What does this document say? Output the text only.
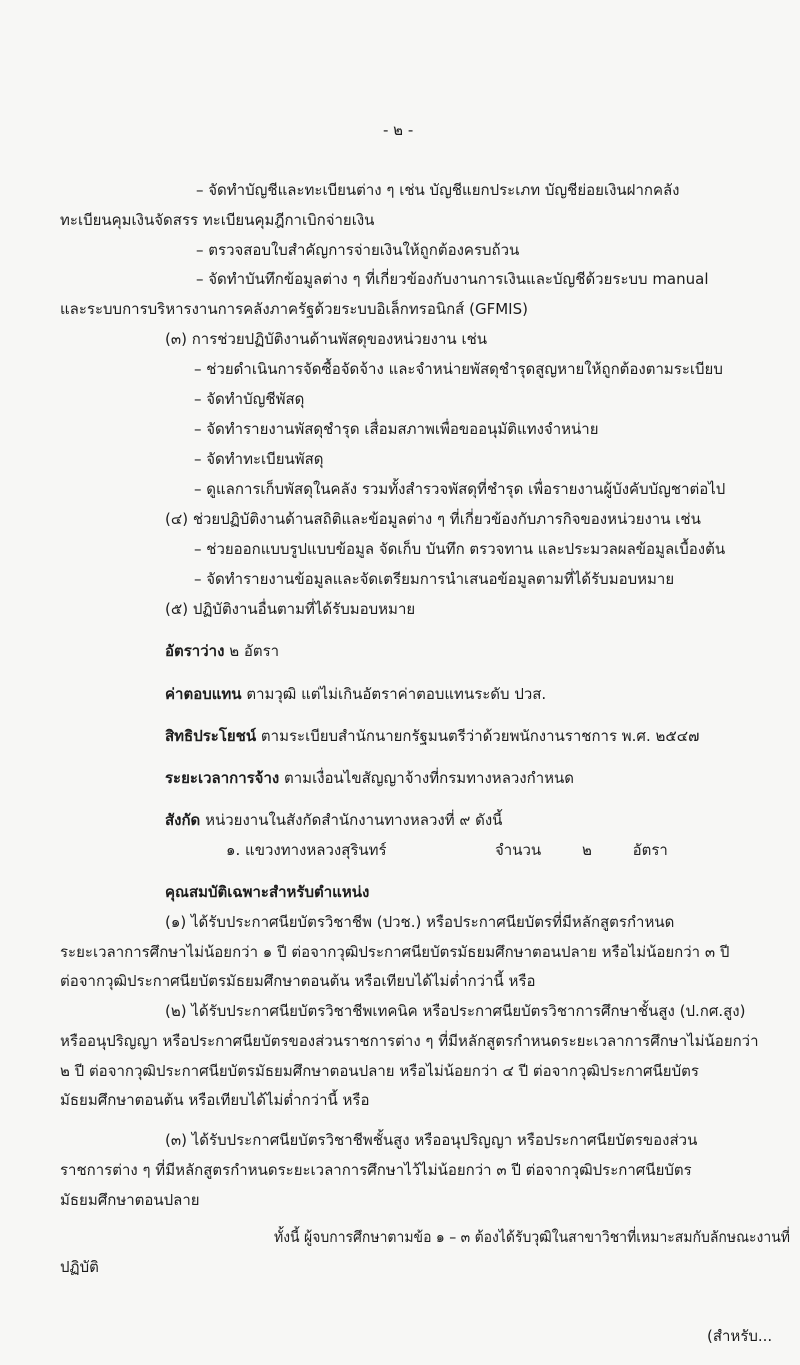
- ๒ -
– จัดทำบัญชีและทะเบียนต่าง ๆ เช่น บัญชีแยกประเภท บัญชีย่อยเงินฝากคลัง
ทะเบียนคุมเงินจัดสรร ทะเบียนคุมฎีกาเบิกจ่ายเงิน
– ตรวจสอบใบสำคัญการจ่ายเงินให้ถูกต้องครบถ้วน
– จัดทำบันทึกข้อมูลต่าง ๆ ที่เกี่ยวข้องกับงานการเงินและบัญชีด้วยระบบ manual
และระบบการบริหารงานการคลังภาครัฐด้วยระบบอิเล็กทรอนิกส์ (GFMIS)
(๓) การช่วยปฏิบัติงานด้านพัสดุของหน่วยงาน เช่น
– ช่วยดำเนินการจัดซื้อจัดจ้าง และจำหน่ายพัสดุชำรุดสูญหายให้ถูกต้องตามระเบียบ
– จัดทำบัญชีพัสดุ
– จัดทำรายงานพัสดุชำรุด เสื่อมสภาพเพื่อขออนุมัติแทงจำหน่าย
– จัดทำทะเบียนพัสดุ
– ดูแลการเก็บพัสดุในคลัง รวมทั้งสำรวจพัสดุที่ชำรุด เพื่อรายงานผู้บังคับบัญชาต่อไป
(๔) ช่วยปฏิบัติงานด้านสถิติและข้อมูลต่าง ๆ ที่เกี่ยวข้องกับภารกิจของหน่วยงาน เช่น
– ช่วยออกแบบรูปแบบข้อมูล จัดเก็บ บันทึก ตรวจทาน และประมวลผลข้อมูลเบื้องต้น
– จัดทำรายงานข้อมูลและจัดเตรียมการนำเสนอข้อมูลตามที่ได้รับมอบหมาย
(๕) ปฏิบัติงานอื่นตามที่ได้รับมอบหมาย
อัตราว่าง ๒ อัตรา
ค่าตอบแทน ตามวุฒิ แต่ไม่เกินอัตราค่าตอบแทนระดับ ปวส.
สิทธิประโยชน์ ตามระเบียบสำนักนายกรัฐมนตรีว่าด้วยพนักงานราชการ พ.ศ. ๒๕๔๗
ระยะเวลาการจ้าง ตามเงื่อนไขสัญญาจ้างที่กรมทางหลวงกำหนด
สังกัด หน่วยงานในสังกัดสำนักงานทางหลวงที่ ๙ ดังนี้
๑. แขวงทางหลวงสุรินทร์	จำนวน	๒	อัตรา
คุณสมบัติเฉพาะสำหรับตำแหน่ง
(๑) ได้รับประกาศนียบัตรวิชาชีพ (ปวช.) หรือประกาศนียบัตรที่มีหลักสูตรกำหนด
ระยะเวลาการศึกษาไม่น้อยกว่า ๑ ปี ต่อจากวุฒิประกาศนียบัตรมัธยมศึกษาตอนปลาย หรือไม่น้อยกว่า ๓ ปี
ต่อจากวุฒิประกาศนียบัตรมัธยมศึกษาตอนต้น หรือเทียบได้ไม่ต่ำกว่านี้ หรือ
(๒) ได้รับประกาศนียบัตรวิชาชีพเทคนิค หรือประกาศนียบัตรวิชาการศึกษาชั้นสูง (ป.กศ.สูง)
หรืออนุปริญญา หรือประกาศนียบัตรของส่วนราชการต่าง ๆ ที่มีหลักสูตรกำหนดระยะเวลาการศึกษาไม่น้อยกว่า
๒ ปี ต่อจากวุฒิประกาศนียบัตรมัธยมศึกษาตอนปลาย หรือไม่น้อยกว่า ๔ ปี ต่อจากวุฒิประกาศนียบัตร
มัธยมศึกษาตอนต้น หรือเทียบได้ไม่ต่ำกว่านี้ หรือ
(๓) ได้รับประกาศนียบัตรวิชาชีพชั้นสูง หรืออนุปริญญา หรือประกาศนียบัตรของส่วน
ราชการต่าง ๆ ที่มีหลักสูตรกำหนดระยะเวลาการศึกษาไว้ไม่น้อยกว่า ๓ ปี ต่อจากวุฒิประกาศนียบัตร
มัธยมศึกษาตอนปลาย
ทั้งนี้ ผู้จบการศึกษาตามข้อ ๑ – ๓ ต้องได้รับวุฒิในสาขาวิชาที่เหมาะสมกับลักษณะงานที่
ปฏิบัติ
(สำหรับ...
